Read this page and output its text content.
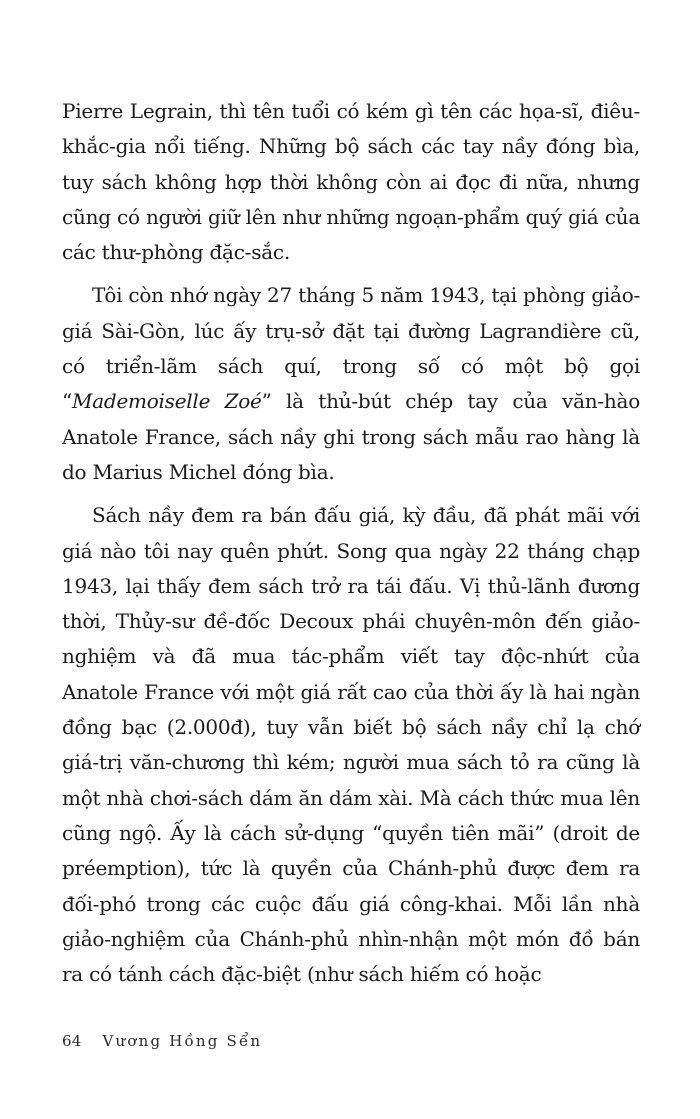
Pierre Legrain, thì tên tuổi có kém gì tên các họa-sĩ, điêu-khắc-gia nổi tiếng. Những bộ sách các tay nầy đóng bìa, tuy sách không hợp thời không còn ai đọc đi nữa, nhưng cũng có người giữ lên như những ngoạn-phẩm quý giá của các thư-phòng đặc-sắc.

Tôi còn nhớ ngày 27 tháng 5 năm 1943, tại phòng giảo-giá Sài-Gòn, lúc ấy trụ-sở đặt tại đường Lagrandière cũ, có triển-lãm sách quí, trong số có một bộ gọi “Mademoiselle Zoé” là thủ-bút chép tay của văn-hào Anatole France, sách nầy ghi trong sách mẫu rao hàng là do Marius Michel đóng bìa.

Sách nầy đem ra bán đấu giá, kỳ đầu, đã phát mãi với giá nào tôi nay quên phứt. Song qua ngày 22 tháng chạp 1943, lại thấy đem sách trở ra tái đấu. Vị thủ-lãnh đương thời, Thủy-sư đề-đốc Decoux phái chuyên-môn đến giảo-nghiệm và đã mua tác-phẩm viết tay độc-nhứt của Anatole France với một giá rất cao của thời ấy là hai ngàn đồng bạc (2.000đ), tuy vẫn biết bộ sách nầy chỉ lạ chớ giá-trị văn-chương thì kém; người mua sách tỏ ra cũng là một nhà chơi-sách dám ăn dám xài. Mà cách thức mua lên cũng ngộ. Ấy là cách sử-dụng “quyền tiên mãi” (droit de préemption), tức là quyền của Chánh-phủ được đem ra đối-phó trong các cuộc đấu giá công-khai. Mỗi lần nhà giảo-nghiệm của Chánh-phủ nhìn-nhận một món đồ bán ra có tánh cách đặc-biệt (như sách hiếm có hoặc

64 Vương Hồng Sển
